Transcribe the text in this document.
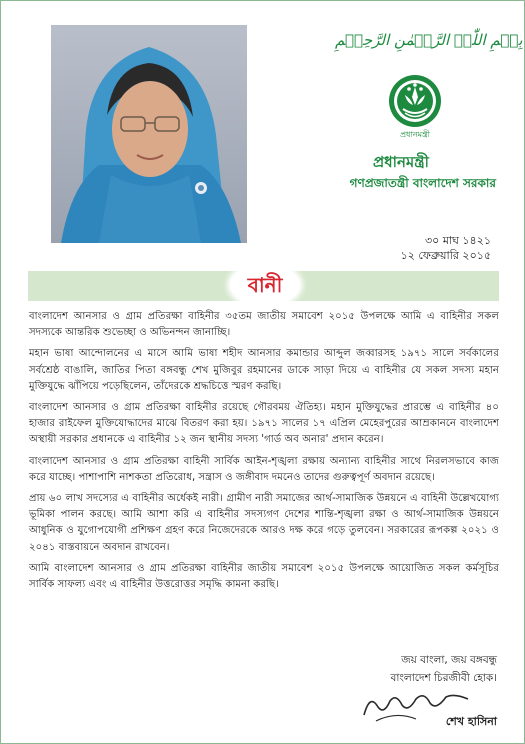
بِسۡمِ اللّٰہِ الرَّحۡمٰنِ الرَّحِیۡمِ
প্রধানমন্ত্রী
প্রধানমন্ত্রী
গণপ্রজাতন্ত্রী বাংলাদেশ সরকার
৩০ মাঘ ১৪২১
১২ ফেব্রুয়ারি ২০১৫
বানী

বাংলাদেশ আনসার ও গ্রাম প্রতিরক্ষা বাহিনীর ৩৫তম জাতীয় সমাবেশ ২০১৫ উপলক্ষে আমি এ বাহিনীর সকল সদস্যকে আন্তরিক শুভেচ্ছা ও অভিনন্দন জানাচ্ছি।

মহান ভাষা আন্দোলনের এ মাসে আমি ভাষা শহীদ আনসার কমান্ডার আব্দুল জব্বারসহ ১৯৭১ সালে সর্বকালের সর্বশ্রেষ্ঠ বাঙালি, জাতির পিতা বঙ্গবন্ধু শেখ মুজিবুর রহমানের ডাকে সাড়া দিয়ে এ বাহিনীর যে সকল সদস্য মহান মুক্তিযুদ্ধে ঝাঁপিয়ে পড়েছিলেন, তাঁদেরকে শ্রদ্ধচিত্তে স্মরণ করছি।

বাংলাদেশ আনসার ও গ্রাম প্রতিরক্ষা বাহিনীর রয়েছে গৌরবময় ঐতিহ্য। মহান মুক্তিযুদ্ধের প্রারম্ভে এ বাহিনীর ৪০ হাজার রাইফেল মুক্তিযোদ্ধাদের মাঝে বিতরণ করা হয়। ১৯৭১ সালের ১৭ এপ্রিল মেহেরপুরের আম্রকাননে বাংলাদেশ অস্থায়ী সরকার প্রধানকে এ বাহিনীর ১২ জন স্থানীয় সদস্য 'গার্ড অব অনার' প্রদান করেন।

বাংলাদেশ আনসার ও গ্রাম প্রতিরক্ষা বাহিনী সার্বিক আইন-শৃঙ্খলা রক্ষায় অন্যান্য বাহিনীর সাথে নিরলসভাবে কাজ করে যাচ্ছে। পাশাপাশি নাশকতা প্রতিরোধ, সন্ত্রাস ও জঙ্গীবাদ দমনেও তাদের গুরুত্বপূর্ণ অবদান রয়েছে।

প্রায় ৬০ লাখ সদস্যের এ বাহিনীর অর্ধেকই নারী। গ্রামীণ নারী সমাজের আর্থ-সামাজিক উন্নয়নে এ বাহিনী উল্লেখযোগ্য ভূমিকা পালন করছে। আমি আশা করি এ বাহিনীর সদস্যগণ দেশের শান্তি-শৃঙ্খলা রক্ষা ও আর্থ-সামাজিক উন্নয়নে আধুনিক ও যুগোপযোগী প্রশিক্ষণ গ্রহণ করে নিজেদেরকে আরও দক্ষ করে গড়ে তুলবেন। সরকারের রূপকল্প ২০২১ ও ২০৪১ বাস্তবায়নে অবদান রাখবেন।

আমি বাংলাদেশ আনসার ও গ্রাম প্রতিরক্ষা বাহিনীর জাতীয় সমাবেশ ২০১৫ উপলক্ষে আয়োজিত সকল কর্মসূচির সার্বিক সাফল্য এবং এ বাহিনীর উত্তরোত্তর সমৃদ্ধি কামনা করছি।

জয় বাংলা, জয় বঙ্গবন্ধু
বাংলাদেশ চিরজীবী হোক।
শেখ হাসিনা
